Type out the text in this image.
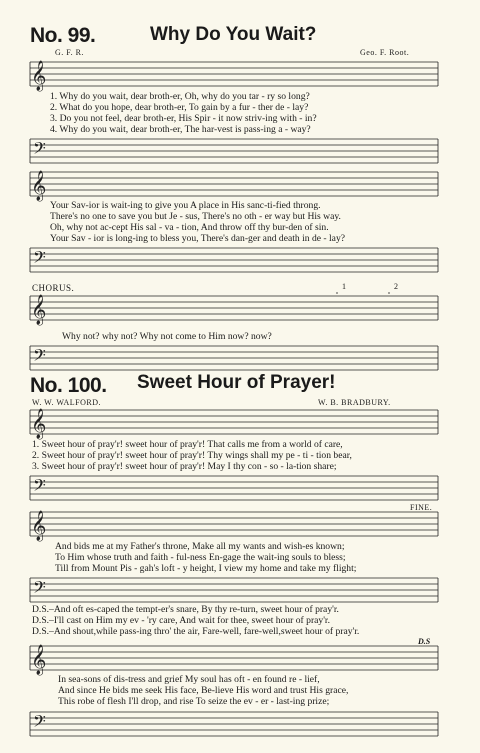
No. 99.	Why Do You Wait?
G. F. R.	Geo. F. Root.
𝄞
1. Why do you wait, dear broth-er, Oh, why do you tar - ry so long?
2. What do you hope, dear broth-er, To gain by a fur - ther de - lay?
3. Do you not feel, dear broth-er, His Spir - it now striv-ing with - in?
4. Why do you wait, dear broth-er, The har-vest is pass-ing a - way?
𝄢
𝄞
Your Sav-ior is wait-ing to give you A place in His sanc-ti-fied throng.
There's no one to save you but Je - sus, There's no oth - er way but His way.
Oh, why not ac-cept His sal - va - tion, And throw off thy bur-den of sin.
Your Sav - ior is long-ing to bless you, There's dan-ger and death in de - lay?
𝄢
CHORUS.	1	2
𝄞
Why not? why not? Why not come to Him now? now?
𝄢
No. 100. Sweet Hour of Prayer!
W. W. WALFORD.	W. B. BRADBURY.
𝄞
1. Sweet hour of pray'r! sweet hour of pray'r! That calls me from a world of care,
2. Sweet hour of pray'r! sweet hour of pray'r! Thy wings shall my pe - ti - tion bear,
3. Sweet hour of pray'r! sweet hour of pray'r! May I thy con - so - la-tion share;
𝄢
FINE.
𝄞
And bids me at my Father's throne, Make all my wants and wish-es known;
To Him whose truth and faith - ful-ness En-gage the wait-ing souls to bless;
Till from Mount Pis - gah's loft - y height, I view my home and take my flight;
𝄢
D.S.–And oft es-caped the tempt-er's snare, By thy re-turn, sweet hour of pray'r.
D.S.–I'll cast on Him my ev - 'ry care, And wait for thee, sweet hour of pray'r.
D.S.–And shout,while pass-ing thro' the air, Fare-well, fare-well,sweet hour of pray'r.
D.S
𝄞
In sea-sons of dis-tress and grief My soul has oft - en found re - lief,
And since He bids me seek His face, Be-lieve His word and trust His grace,
This robe of flesh I'll drop, and rise To seize the ev - er - last-ing prize;
𝄢
